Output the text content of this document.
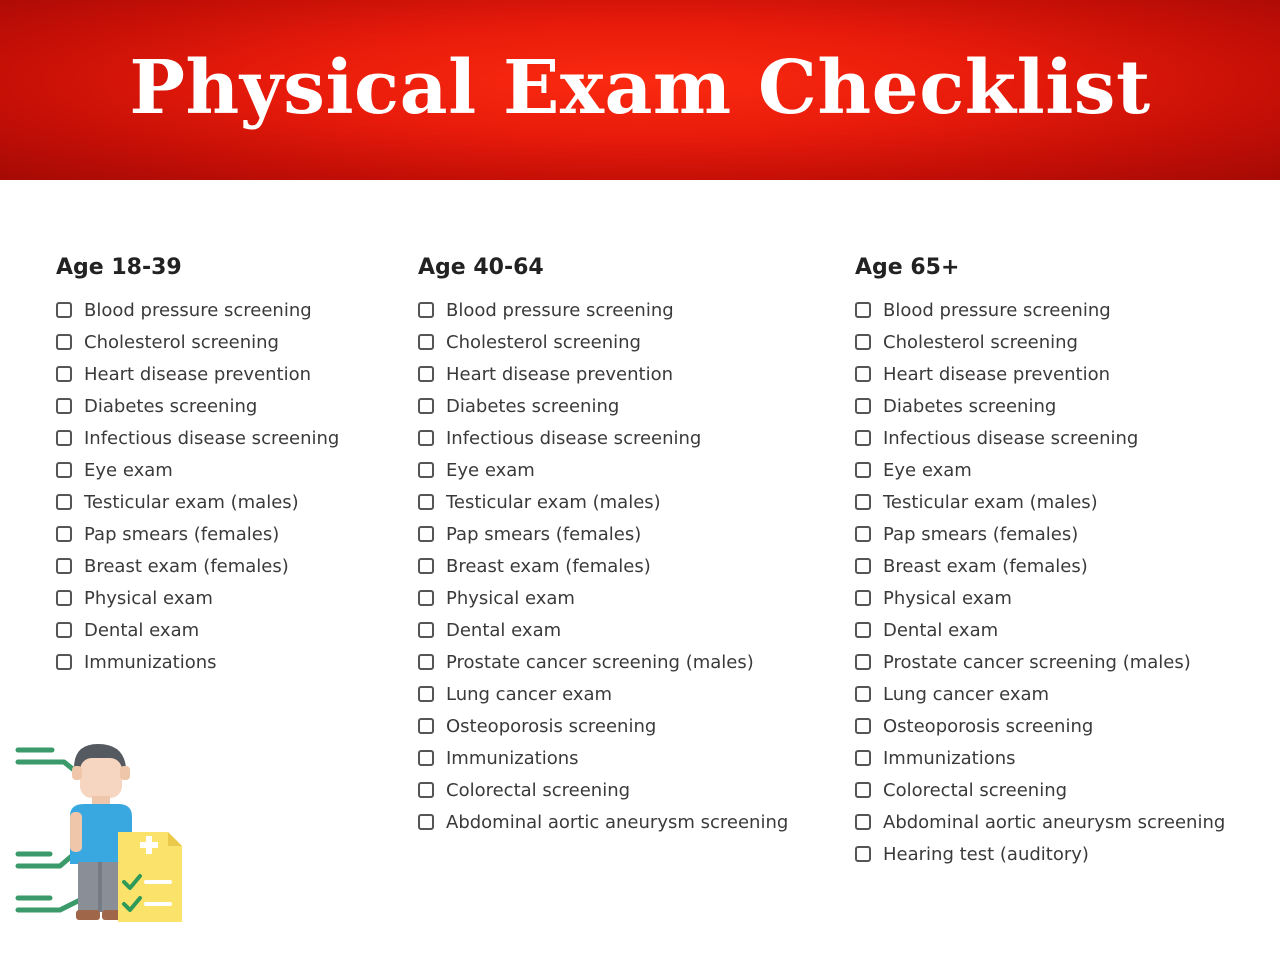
Physical Exam Checklist
Age 18-39
Blood pressure screening
Cholesterol screening
Heart disease prevention
Diabetes screening
Infectious disease screening
Eye exam
Testicular exam (males)
Pap smears (females)
Breast exam (females)
Physical exam
Dental exam
Immunizations
Age 40-64
Blood pressure screening
Cholesterol screening
Heart disease prevention
Diabetes screening
Infectious disease screening
Eye exam
Testicular exam (males)
Pap smears (females)
Breast exam (females)
Physical exam
Dental exam
Prostate cancer screening (males)
Lung cancer exam
Osteoporosis screening
Immunizations
Colorectal screening
Abdominal aortic aneurysm screening
Age 65+
Blood pressure screening
Cholesterol screening
Heart disease prevention
Diabetes screening
Infectious disease screening
Eye exam
Testicular exam (males)
Pap smears (females)
Breast exam (females)
Physical exam
Dental exam
Prostate cancer screening (males)
Lung cancer exam
Osteoporosis screening
Immunizations
Colorectal screening
Abdominal aortic aneurysm screening
Hearing test (auditory)
